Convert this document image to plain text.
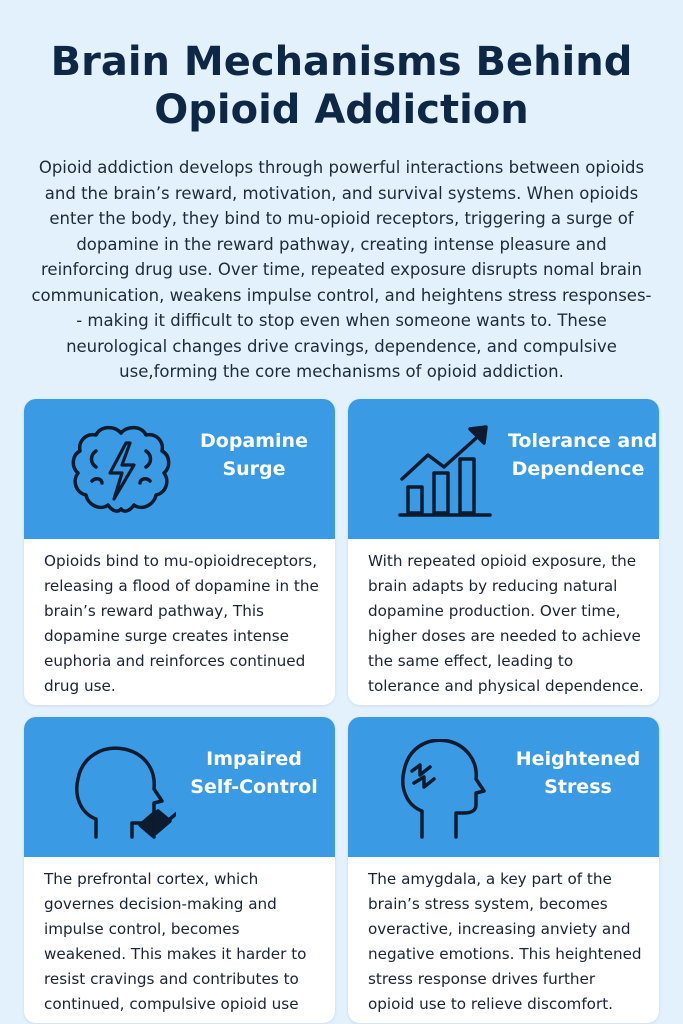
Brain Mechanisms Behind
Opioid Addiction

Opioid addiction develops through powerful interactions between opioids and the brain’s reward, motivation, and survival systems. When opioids enter the body, they bind to mu-opioid receptors, triggering a surge of dopamine in the reward pathway, creating intense pleasure and reinforcing drug use. Over time, repeated exposure disrupts nomal brain communication, weakens impulse control, and heightens stress responses-- making it difficult to stop even when someone wants to. These neurological changes drive cravings, dependence, and compulsive use,forming the core mechanisms of opioid addiction.

Dopamine
Surge
Opioids bind to mu-opioidreceptors, releasing a flood of dopamine in the brain’s reward pathway, This dopamine surge creates intense euphoria and reinforces continued drug use.
Tolerance and
Dependence
With repeated opioid exposure, the brain adapts by reducing natural dopamine production. Over time, higher doses are needed to achieve the same effect, leading to tolerance and physical dependence.
Impaired
Self-Control
The prefrontal cortex, which governes decision-making and impulse control, becomes weakened. This makes it harder to resist cravings and contributes to continued, compulsive opioid use
Heightened
Stress
The amygdala, a key part of the brain’s stress system, becomes overactive, increasing anviety and negative emotions. This heightened stress response drives further opioid use to relieve discomfort.
